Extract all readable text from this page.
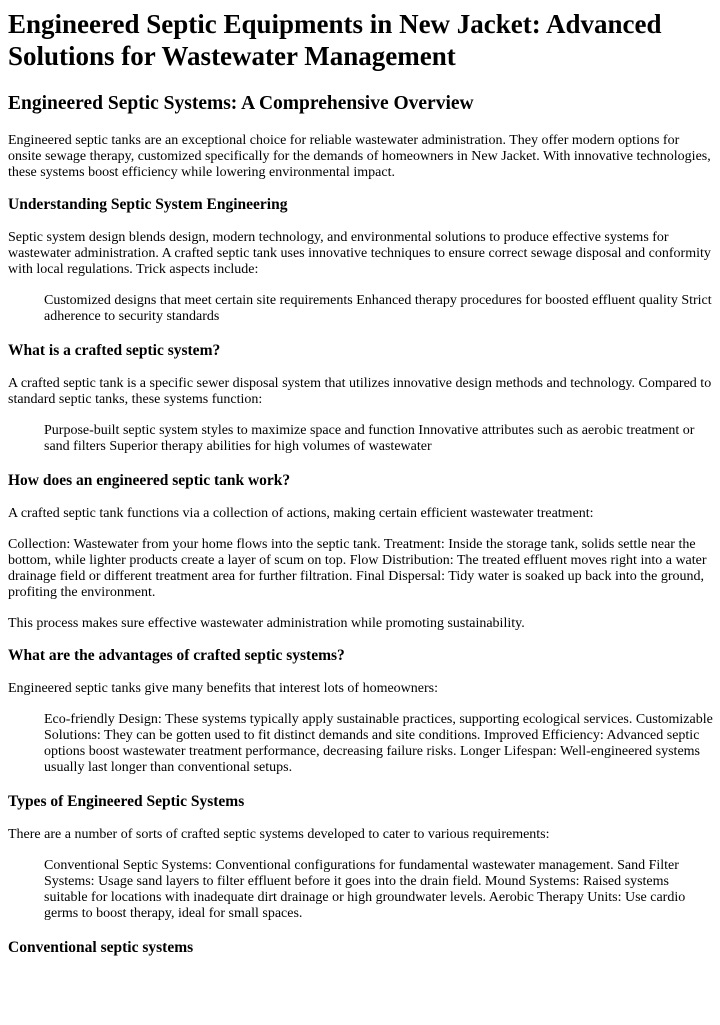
Engineered Septic Equipments in New Jacket: Advanced Solutions for Wastewater Management
Engineered Septic Systems: A Comprehensive Overview

Engineered septic tanks are an exceptional choice for reliable wastewater administration. They offer modern options for onsite sewage therapy, customized specifically for the demands of homeowners in New Jacket. With innovative technologies, these systems boost efficiency while lowering environmental impact.

Understanding Septic System Engineering

Septic system design blends design, modern technology, and environmental solutions to produce effective systems for wastewater administration. A crafted septic tank uses innovative techniques to ensure correct sewage disposal and conformity with local regulations. Trick aspects include:

Customized designs that meet certain site requirements Enhanced therapy procedures for boosted effluent quality Strict adherence to security standards
What is a crafted septic system?

A crafted septic tank is a specific sewer disposal system that utilizes innovative design methods and technology. Compared to standard septic tanks, these systems function:

Purpose-built septic system styles to maximize space and function Innovative attributes such as aerobic treatment or sand filters Superior therapy abilities for high volumes of wastewater
How does an engineered septic tank work?

A crafted septic tank functions via a collection of actions, making certain efficient wastewater treatment:

Collection: Wastewater from your home flows into the septic tank. Treatment: Inside the storage tank, solids settle near the bottom, while lighter products create a layer of scum on top. Flow Distribution: The treated effluent moves right into a water drainage field or different treatment area for further filtration. Final Dispersal: Tidy water is soaked up back into the ground, profiting the environment.

This process makes sure effective wastewater administration while promoting sustainability.

What are the advantages of crafted septic systems?

Engineered septic tanks give many benefits that interest lots of homeowners:

Eco-friendly Design: These systems typically apply sustainable practices, supporting ecological services. Customizable Solutions: They can be gotten used to fit distinct demands and site conditions. Improved Efficiency: Advanced septic options boost wastewater treatment performance, decreasing failure risks. Longer Lifespan: Well-engineered systems usually last longer than conventional setups.
Types of Engineered Septic Systems

There are a number of sorts of crafted septic systems developed to cater to various requirements:

Conventional Septic Systems: Conventional configurations for fundamental wastewater management. Sand Filter Systems: Usage sand layers to filter effluent before it goes into the drain field. Mound Systems: Raised systems suitable for locations with inadequate dirt drainage or high groundwater levels. Aerobic Therapy Units: Use cardio germs to boost therapy, ideal for small spaces.
Conventional septic systems
